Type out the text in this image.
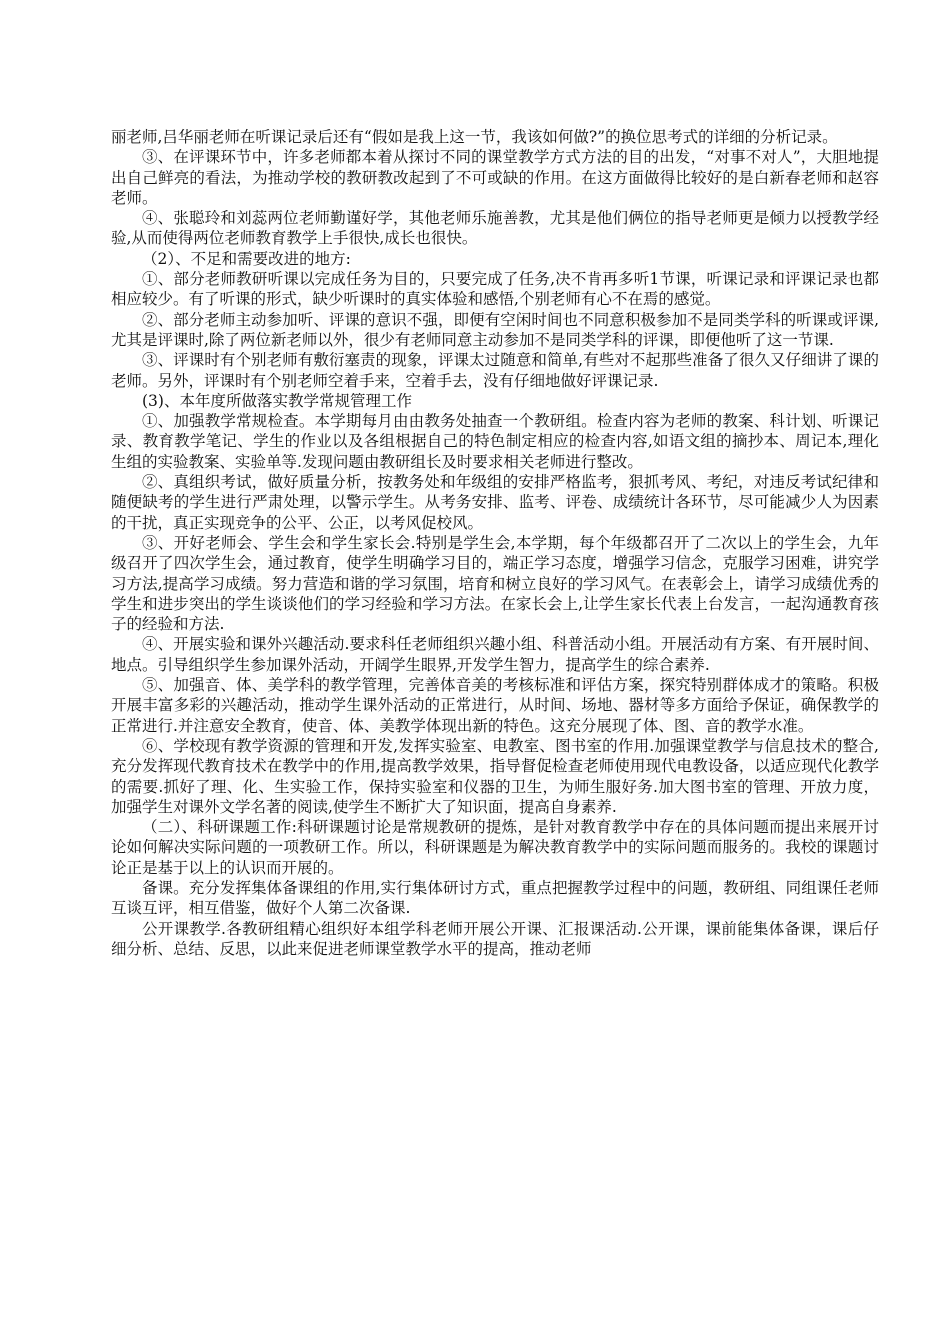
丽老师,吕华丽老师在听课记录后还有“假如是我上这一节，我该如何做?”的换位思考式的详细的分析记录。

③、在评课环节中，许多老师都本着从探讨不同的课堂教学方式方法的目的出发，“对事不对人”，大胆地提出自己鲜亮的看法，为推动学校的教研教改起到了不可或缺的作用。在这方面做得比较好的是白新春老师和赵容老师。

④、张聪玲和刘蕊两位老师勤谨好学，其他老师乐施善教，尤其是他们俩位的指导老师更是倾力以授教学经验,从而使得两位老师教育教学上手很快,成长也很快。

（2）、不足和需要改进的地方:

①、部分老师教研听课以完成任务为目的，只要完成了任务,决不肯再多听1节课，听课记录和评课记录也都相应较少。有了听课的形式，缺少听课时的真实体验和感悟,个别老师有心不在焉的感觉。

②、部分老师主动参加听、评课的意识不强，即便有空闲时间也不同意积极参加不是同类学科的听课或评课,尤其是评课时,除了两位新老师以外，很少有老师同意主动参加不是同类学科的评课，即便他听了这一节课.

③、评课时有个别老师有敷衍塞责的现象，评课太过随意和简单,有些对不起那些准备了很久又仔细讲了课的老师。另外，评课时有个别老师空着手来，空着手去，没有仔细地做好评课记录.

(3)、本年度所做落实教学常规管理工作

①、加强教学常规检查。本学期每月由由教务处抽查一个教研组。检查内容为老师的教案、科计划、听课记录、教育教学笔记、学生的作业以及各组根据自己的特色制定相应的检查内容,如语文组的摘抄本、周记本,理化生组的实验教案、实验单等.发现问题由教研组长及时要求相关老师进行整改。

②、真组织考试，做好质量分析，按教务处和年级组的安排严格监考，狠抓考风、考纪，对违反考试纪律和随便缺考的学生进行严肃处理，以警示学生。从考务安排、监考、评卷、成绩统计各环节，尽可能减少人为因素的干扰，真正实现竞争的公平、公正，以考风促校风。

③、开好老师会、学生会和学生家长会.特别是学生会,本学期，每个年级都召开了二次以上的学生会，九年级召开了四次学生会，通过教育，使学生明确学习目的，端正学习态度，增强学习信念，克服学习困难，讲究学习方法,提高学习成绩。努力营造和谐的学习氛围，培育和树立良好的学习风气。在表彰会上，请学习成绩优秀的学生和进步突出的学生谈谈他们的学习经验和学习方法。在家长会上,让学生家长代表上台发言，一起沟通教育孩子的经验和方法.

④、开展实验和课外兴趣活动.要求科任老师组织兴趣小组、科普活动小组。开展活动有方案、有开展时间、地点。引导组织学生参加课外活动，开阔学生眼界,开发学生智力，提高学生的综合素养.

⑤、加强音、体、美学科的教学管理，完善体音美的考核标准和评估方案，探究特别群体成才的策略。积极开展丰富多彩的兴趣活动，推动学生课外活动的正常进行，从时间、场地、器材等多方面给予保证，确保教学的正常进行.并注意安全教育，使音、体、美教学体现出新的特色。这充分展现了体、图、音的教学水准。

⑥、学校现有教学资源的管理和开发,发挥实验室、电教室、图书室的作用.加强课堂教学与信息技术的整合,充分发挥现代教育技术在教学中的作用,提高教学效果，指导督促检查老师使用现代电教设备，以适应现代化教学的需要.抓好了理、化、生实验工作，保持实验室和仪器的卫生，为师生服好务.加大图书室的管理、开放力度，加强学生对课外文学名著的阅读,使学生不断扩大了知识面，提高自身素养.

（二）、科研课题工作:科研课题讨论是常规教研的提炼，是针对教育教学中存在的具体问题而提出来展开讨论如何解决实际问题的一项教研工作。所以，科研课题是为解决教育教学中的实际问题而服务的。我校的课题讨论正是基于以上的认识而开展的。

备课。充分发挥集体备课组的作用,实行集体研讨方式，重点把握教学过程中的问题，教研组、同组课任老师互谈互评，相互借鉴，做好个人第二次备课.

公开课教学.各教研组精心组织好本组学科老师开展公开课、汇报课活动.公开课，课前能集体备课，课后仔细分析、总结、反思，以此来促进老师课堂教学水平的提高，推动老师
